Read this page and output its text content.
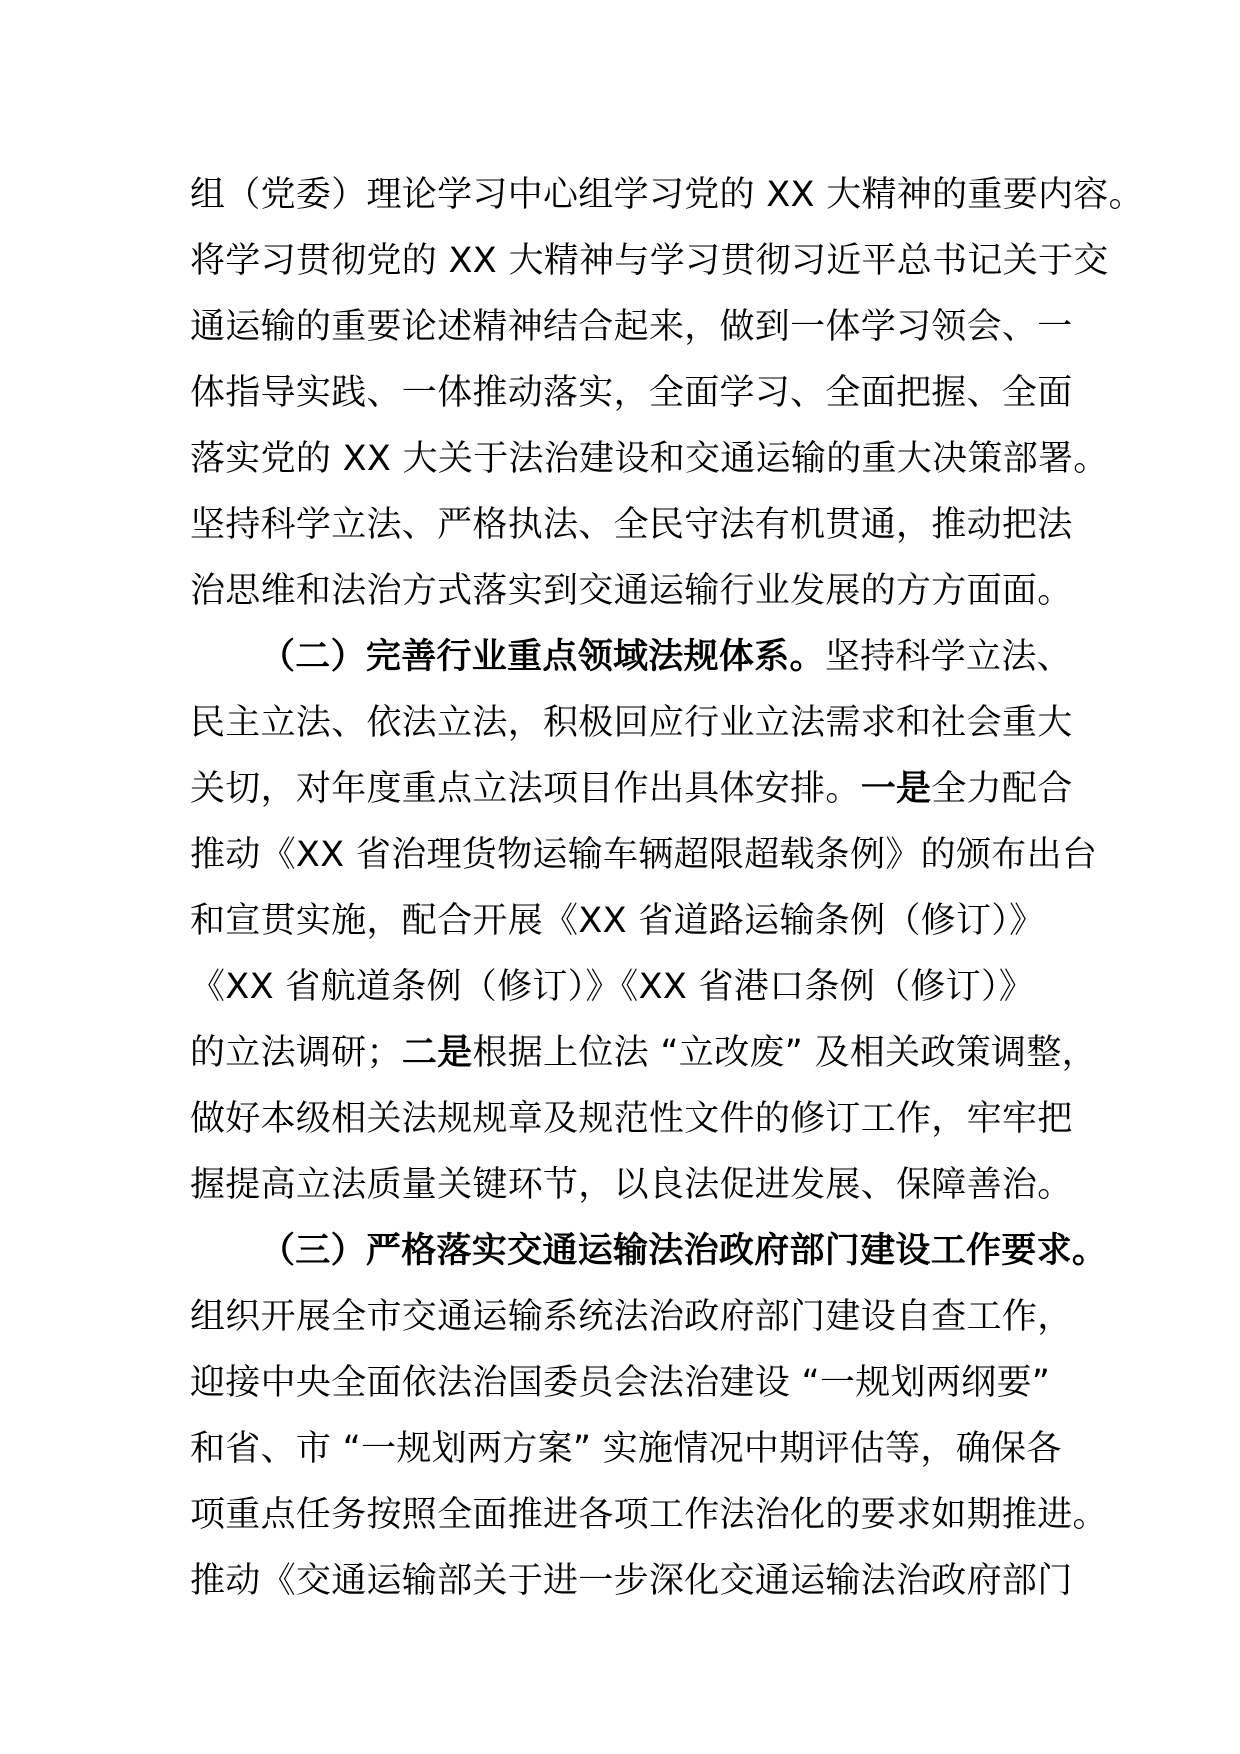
组（党委）理论学习中心组学习党的 XX 大精神的重要内容。
将学习贯彻党的 XX 大精神与学习贯彻习近平总书记关于交
通运输的重要论述精神结合起来，做到一体学习领会、一
体指导实践、一体推动落实，全面学习、全面把握、全面
落实党的 XX 大关于法治建设和交通运输的重大决策部署。
坚持科学立法、严格执法、全民守法有机贯通，推动把法
治思维和法治方式落实到交通运输行业发展的方方面面。
（二）完善行业重点领域法规体系。坚持科学立法、
民主立法、依法立法，积极回应行业立法需求和社会重大
关切，对年度重点立法项目作出具体安排。一是全力配合
推动《XX 省治理货物运输车辆超限超载条例》的颁布出台
和宣贯实施，配合开展《XX 省道路运输条例（修订）》
《XX 省航道条例（修订）》《XX 省港口条例（修订）》
的立法调研；二是根据上位法 “立改废” 及相关政策调整，
做好本级相关法规规章及规范性文件的修订工作，牢牢把
握提高立法质量关键环节，以良法促进发展、保障善治。
（三）严格落实交通运输法治政府部门建设工作要求。
组织开展全市交通运输系统法治政府部门建设自查工作，
迎接中央全面依法治国委员会法治建设 “一规划两纲要”
和省、市 “一规划两方案” 实施情况中期评估等，确保各
项重点任务按照全面推进各项工作法治化的要求如期推进。
推动《交通运输部关于进一步深化交通运输法治政府部门
